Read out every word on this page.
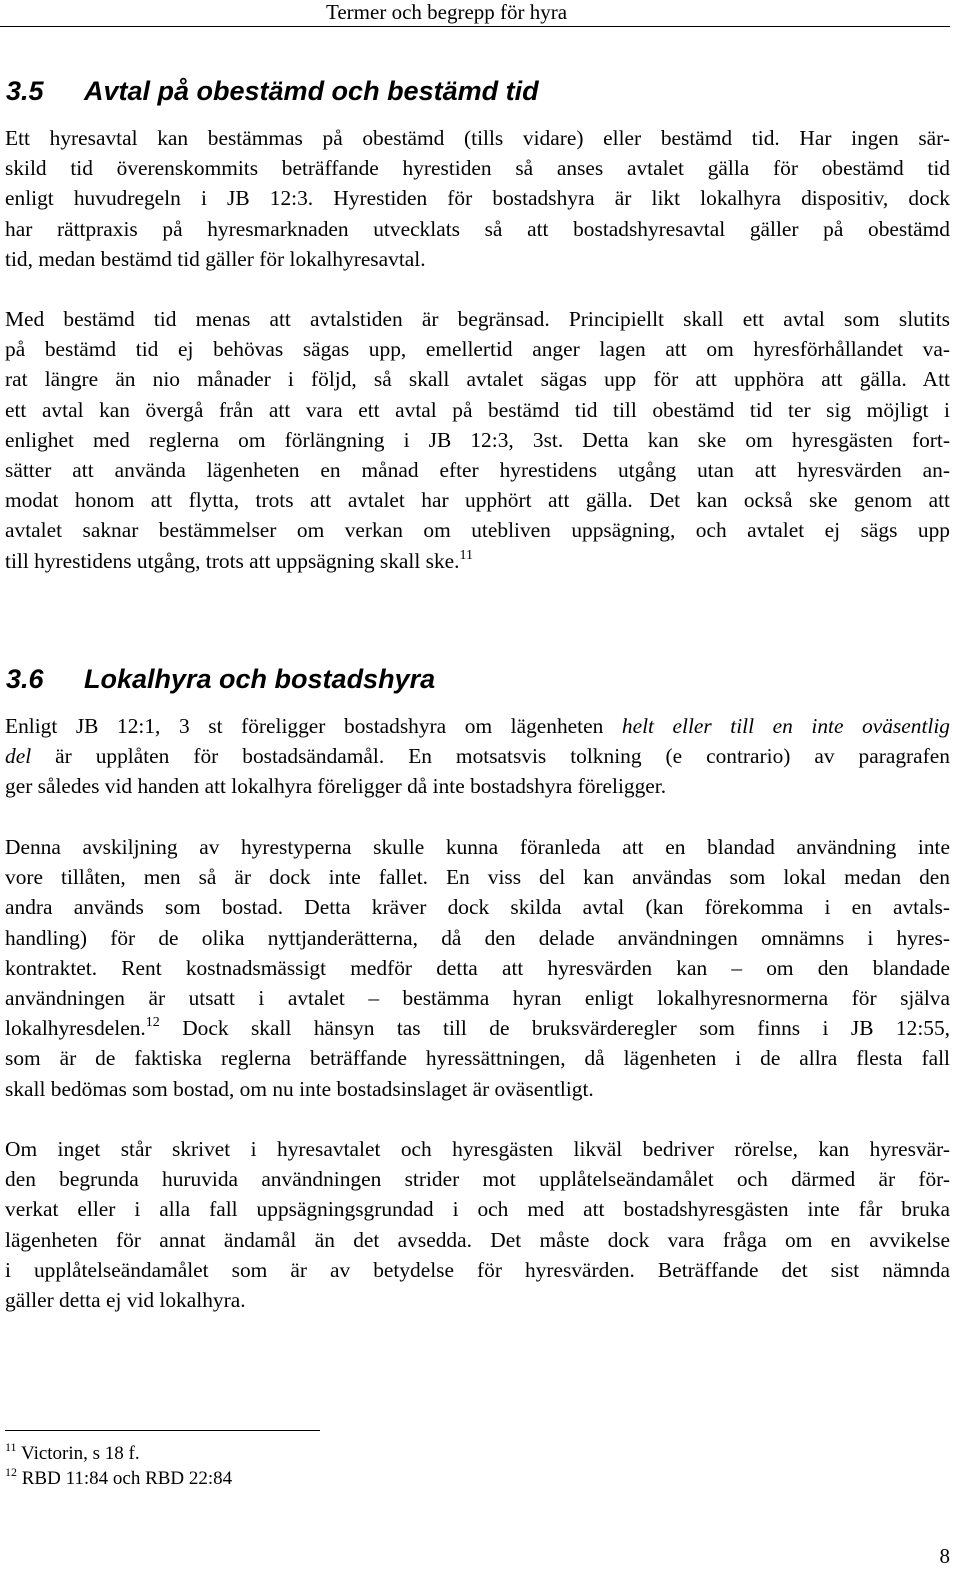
Termer och begrepp för hyra
3.5 Avtal på obestämd och bestämd tid
Ett hyresavtal kan bestämmas på obestämd (tills vidare) eller bestämd tid. Har ingen sär-
skild tid överenskommits beträffande hyrestiden så anses avtalet gälla för obestämd tid
enligt huvudregeln i JB 12:3. Hyrestiden för bostadshyra är likt lokalhyra dispositiv, dock
har rättpraxis på hyresmarknaden utvecklats så att bostadshyresavtal gäller på obestämd
tid, medan bestämd tid gäller för lokalhyresavtal.
Med bestämd tid menas att avtalstiden är begränsad. Principiellt skall ett avtal som slutits
på bestämd tid ej behövas sägas upp, emellertid anger lagen att om hyresförhållandet va-
rat längre än nio månader i följd, så skall avtalet sägas upp för att upphöra att gälla. Att
ett avtal kan övergå från att vara ett avtal på bestämd tid till obestämd tid ter sig möjligt i
enlighet med reglerna om förlängning i JB 12:3, 3st. Detta kan ske om hyresgästen fort-
sätter att använda lägenheten en månad efter hyrestidens utgång utan att hyresvärden an-
modat honom att flytta, trots att avtalet har upphört att gälla. Det kan också ske genom att
avtalet saknar bestämmelser om verkan om utebliven uppsägning, och avtalet ej sägs upp
till hyrestidens utgång, trots att uppsägning skall ske.$^{11}$
3.6 Lokalhyra och bostadshyra
Enligt JB 12:1, 3 st föreligger bostadshyra om lägenheten helt eller till en inte oväsentlig
del är upplåten för bostadsändamål. En motsatsvis tolkning (e contrario) av paragrafen
ger således vid handen att lokalhyra föreligger då inte bostadshyra föreligger.
Denna avskiljning av hyrestyperna skulle kunna föranleda att en blandad användning inte
vore tillåten, men så är dock inte fallet. En viss del kan användas som lokal medan den
andra används som bostad. Detta kräver dock skilda avtal (kan förekomma i en avtals-
handling) för de olika nyttjanderätterna, då den delade användningen omnämns i hyres-
kontraktet. Rent kostnadsmässigt medför detta att hyresvärden kan – om den blandade
användningen är utsatt i avtalet – bestämma hyran enligt lokalhyresnormerna för själva
lokalhyresdelen.$^{12}$ Dock skall hänsyn tas till de bruksvärderegler som finns i JB 12:55,
som är de faktiska reglerna beträffande hyressättningen, då lägenheten i de allra flesta fall
skall bedömas som bostad, om nu inte bostadsinslaget är oväsentligt.
Om inget står skrivet i hyresavtalet och hyresgästen likväl bedriver rörelse, kan hyresvär-
den begrunda huruvida användningen strider mot upplåtelseändamålet och därmed är för-
verkat eller i alla fall uppsägningsgrundad i och med att bostadshyresgästen inte får bruka
lägenheten för annat ändamål än det avsedda. Det måste dock vara fråga om en avvikelse
i upplåtelseändamålet som är av betydelse för hyresvärden. Beträffande det sist nämnda
gäller detta ej vid lokalhyra.

$^{11}$ Victorin, s 18 f.

$^{12}$ RBD 11:84 och RBD 22:84

8
